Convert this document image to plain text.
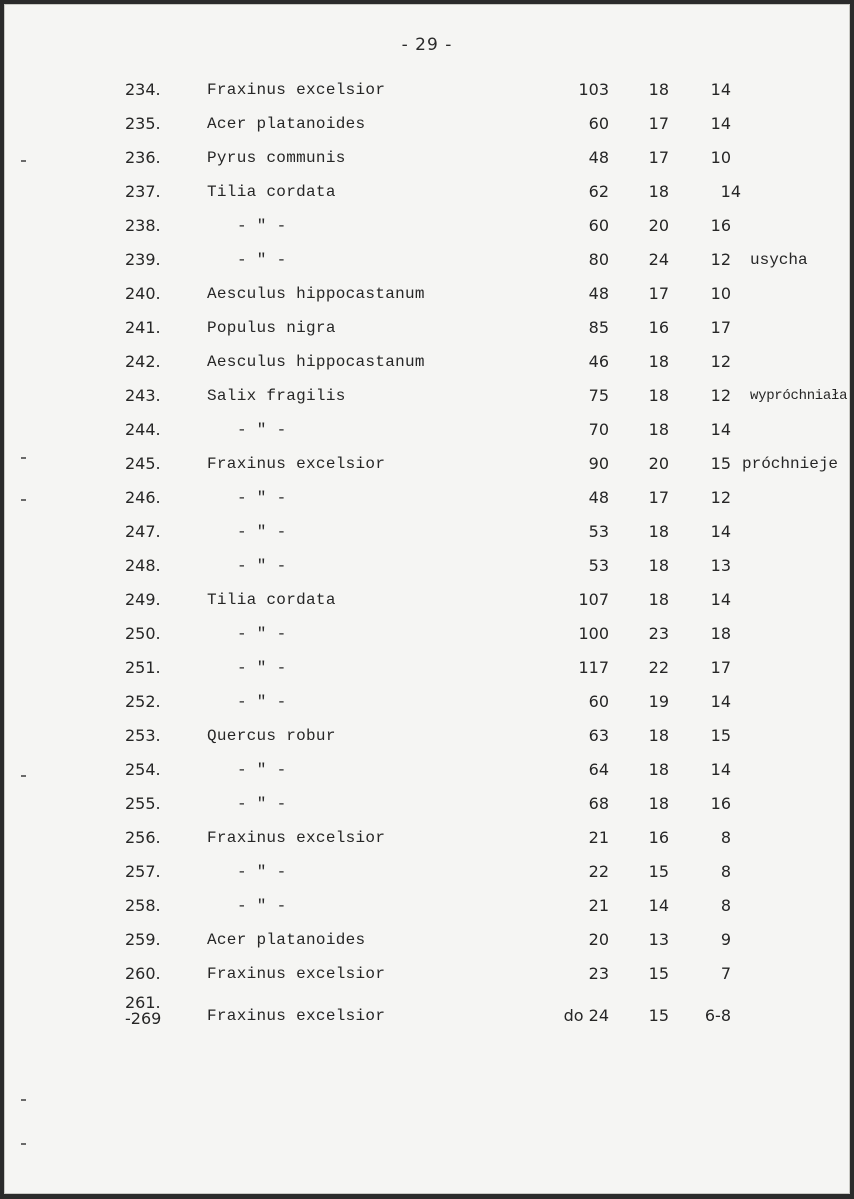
- 29 -
234.	Fraxinus excelsior	103	18	14
235.	Acer platanoides	60	17	14
236.	Pyrus communis	48	17	10
237.	Tilia cordata	62	18	14
238.	- " -	60	20	16
239.	- " -	80	24	12 usycha
240.	Aesculus hippocastanum	48	17	10
241.	Populus nigra	85	16	17
242.	Aesculus hippocastanum	46	18	12
243.	Salix fragilis	75	18	12 wypróchniała
244.	- " -	70	18	14
245.	Fraxinus excelsior	90	20	15 próchnieje
246.	- " -	48	17	12
247.	- " -	53	18	14
248.	- " -	53	18	13
249.	Tilia cordata	107	18	14
250.	- " -	100	23	18
251.	- " -	117	22	17
252.	- " -	60	19	14
253.	Quercus robur	63	18	15
254.	- " -	64	18	14
255.	- " -	68	18	16
256.	Fraxinus excelsior	21	16	8
257.	- " -	22	15	8
258.	- " -	21	14	8
259.	Acer platanoides	20	13	9
260.	Fraxinus excelsior	23	15	7
261.
-269	Fraxinus excelsior	do 24	15	6-8
